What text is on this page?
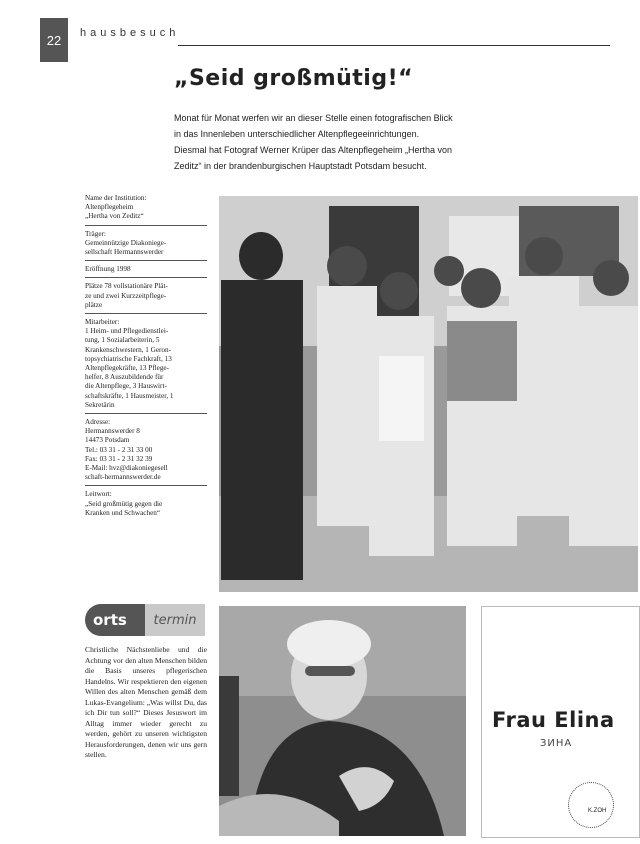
22	hausbesuch
„Seid großmütig!“

Monat für Monat werfen wir an dieser Stelle einen fotografischen Blick

in das Innenleben unterschiedlicher Altenpflegeeinrichtungen.

Diesmal hat Fotograf Werner Krüper das Altenpflegeheim „Hertha von

Zeditz“ in der brandenburgischen Hauptstadt Potsdam besucht.

Name der Institution:

Altenpflegeheim

„Hertha von Zeditz“

Träger:

Gemeinnützige Diakoniege-

sellschaft Hermannswerder

Eröffnung 1998

Plätze 78 vollstationäre Plät-

ze und zwei Kurzzeitpflege-

plätze

Mitarbeiter:

1 Heim- und Pflegedienstlei-

tung, 1 Sozialarbeiterin, 5

Krankenschwestern, 1 Geron-

topsychiatrische Fachkraft, 13

Altenpflegekräfte, 13 Pflege-

helfer, 8 Auszubildende für

die Altenpflege, 3 Hauswirt-

schaftskräfte, 1 Hausmeister, 1

Sekretärin

Adresse:

Hermannswerder 8

14473 Potsdam

Tel.: 03 31 - 2 31 33 00

Fax: 03 31 - 2 31 32 39

E-Mail: hvz@diakoniegesell

schaft-hermannswerder.de

Leitwort:

„Seid großmütig gegen die

Kranken und Schwachen“

orts	termin
Christliche Nächstenliebe und die Achtung vor den alten Menschen bilden die Basis unseres pflegerischen Handelns. Wir respektieren den eigenen Willen des alten Menschen gemäß dem Lukas-Evangelium: „Was willst Du, das ich Dir tun soll?“ Dieses Jesuswort im Alltag immer wieder gerecht zu werden, gehört zu unseren wichtigsten Herausforderungen, denen wir uns gern stellen.
Frau Elina
ЗИНА
K.ZOH
